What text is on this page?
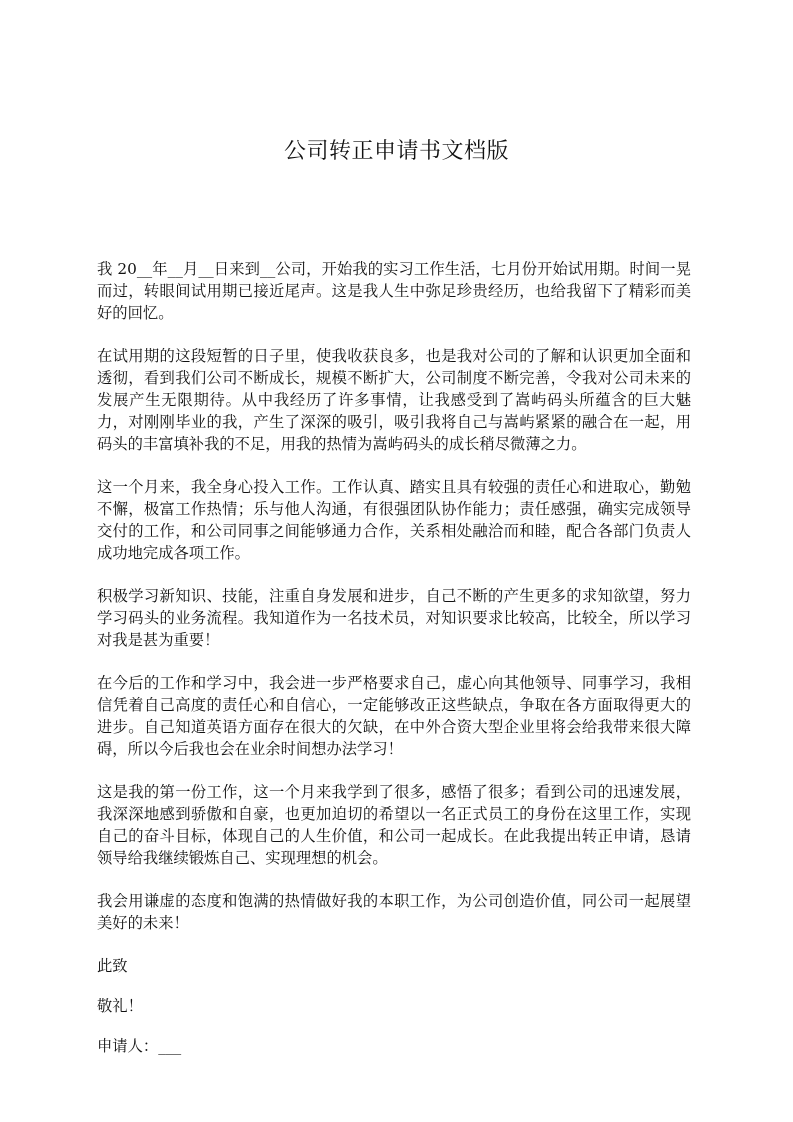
公司转正申请书文档版

我 20__年__月__日来到__公司，开始我的实习工作生活，七月份开始试用期。时间一晃而过，转眼间试用期已接近尾声。这是我人生中弥足珍贵经历，也给我留下了精彩而美好的回忆。

在试用期的这段短暂的日子里，使我收获良多，也是我对公司的了解和认识更加全面和透彻，看到我们公司不断成长，规模不断扩大，公司制度不断完善，令我对公司未来的发展产生无限期待。从中我经历了许多事情，让我感受到了嵩屿码头所蕴含的巨大魅力，对刚刚毕业的我，产生了深深的吸引，吸引我将自己与嵩屿紧紧的融合在一起，用码头的丰富填补我的不足，用我的热情为嵩屿码头的成长稍尽微薄之力。

这一个月来，我全身心投入工作。工作认真、踏实且具有较强的责任心和进取心，勤勉不懈，极富工作热情；乐与他人沟通，有很强团队协作能力；责任感强，确实完成领导交付的工作，和公司同事之间能够通力合作，关系相处融洽而和睦，配合各部门负责人成功地完成各项工作。

积极学习新知识、技能，注重自身发展和进步，自己不断的产生更多的求知欲望，努力学习码头的业务流程。我知道作为一名技术员，对知识要求比较高，比较全，所以学习对我是甚为重要！

在今后的工作和学习中，我会进一步严格要求自己，虚心向其他领导、同事学习，我相信凭着自己高度的责任心和自信心，一定能够改正这些缺点，争取在各方面取得更大的进步。自己知道英语方面存在很大的欠缺，在中外合资大型企业里将会给我带来很大障碍，所以今后我也会在业余时间想办法学习！

这是我的第一份工作，这一个月来我学到了很多，感悟了很多；看到公司的迅速发展，我深深地感到骄傲和自豪，也更加迫切的希望以一名正式员工的身份在这里工作，实现自己的奋斗目标，体现自己的人生价值，和公司一起成长。在此我提出转正申请，恳请领导给我继续锻炼自己、实现理想的机会。

我会用谦虚的态度和饱满的热情做好我的本职工作，为公司创造价值，同公司一起展望美好的未来！

此致

敬礼！

申请人：___
